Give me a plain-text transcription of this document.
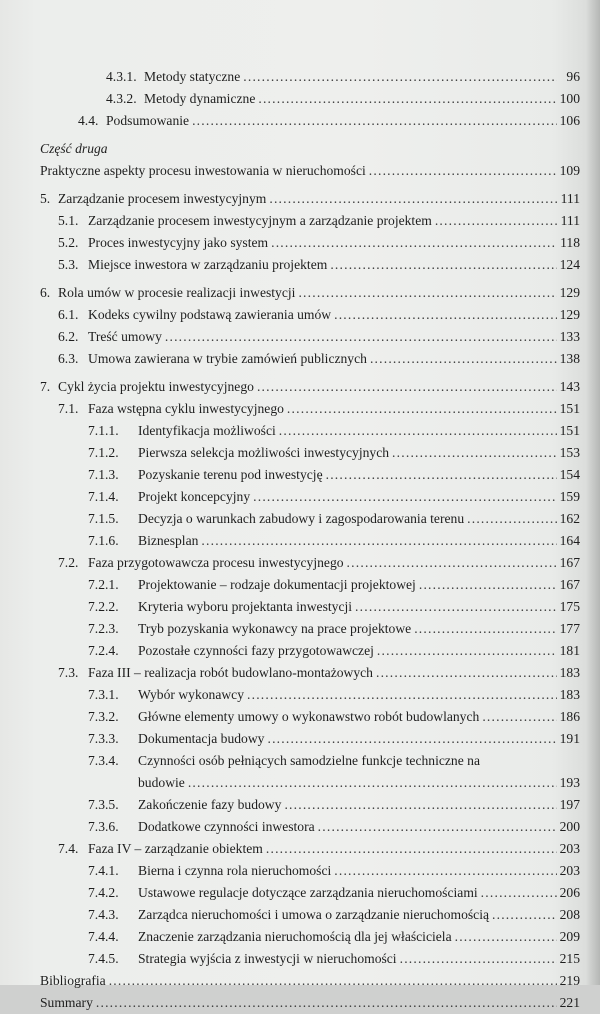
4.3.1. Metody statyczne .....	96
4.3.2. Metody dynamiczne .....	100
4.4. Podsumowanie .....	106
Część druga
Praktyczne aspekty procesu inwestowania w nieruchomości .....	109
5. Zarządzanie procesem inwestycyjnym .....	111
5.1. Zarządzanie procesem inwestycyjnym a zarządzanie projektem .....	111
5.2. Proces inwestycyjny jako system .....	118
5.3. Miejsce inwestora w zarządzaniu projektem .....	124
6. Rola umów w procesie realizacji inwestycji .....	129
6.1. Kodeks cywilny podstawą zawierania umów .....	129
6.2. Treść umowy .....	133
6.3. Umowa zawierana w trybie zamówień publicznych .....	138
7. Cykl życia projektu inwestycyjnego .....	143
7.1. Faza wstępna cyklu inwestycyjnego .....	151
7.1.1. Identyfikacja możliwości .....	151
7.1.2. Pierwsza selekcja możliwości inwestycyjnych .....	153
7.1.3. Pozyskanie terenu pod inwestycję .....	154
7.1.4. Projekt koncepcyjny .....	159
7.1.5. Decyzja o warunkach zabudowy i zagospodarowania terenu .....	162
7.1.6. Biznesplan .....	164
7.2. Faza przygotowawcza procesu inwestycyjnego .....	167
7.2.1. Projektowanie – rodzaje dokumentacji projektowej .....	167
7.2.2. Kryteria wyboru projektanta inwestycji .....	175
7.2.3. Tryb pozyskania wykonawcy na prace projektowe .....	177
7.2.4. Pozostałe czynności fazy przygotowawczej .....	181
7.3. Faza III – realizacja robót budowlano-montażowych .....	183
7.3.1. Wybór wykonawcy .....	183
7.3.2. Główne elementy umowy o wykonawstwo robót budowlanych .....	186
7.3.3. Dokumentacja budowy .....	191
7.3.4. Czynności osób pełniących samodzielne funkcje techniczne na
budowie .....	193
7.3.5. Zakończenie fazy budowy .....	197
7.3.6. Dodatkowe czynności inwestora .....	200
7.4. Faza IV – zarządzanie obiektem .....	203
7.4.1. Bierna i czynna rola nieruchomości .....	203
7.4.2. Ustawowe regulacje dotyczące zarządzania nieruchomościami .....	206
7.4.3. Zarządca nieruchomości i umowa o zarządzanie nieruchomością .....	208
7.4.4. Znaczenie zarządzania nieruchomością dla jej właściciela .....	209
7.4.5. Strategia wyjścia z inwestycji w nieruchomości .....	215
Bibliografia .....	219
Summary .....	221
